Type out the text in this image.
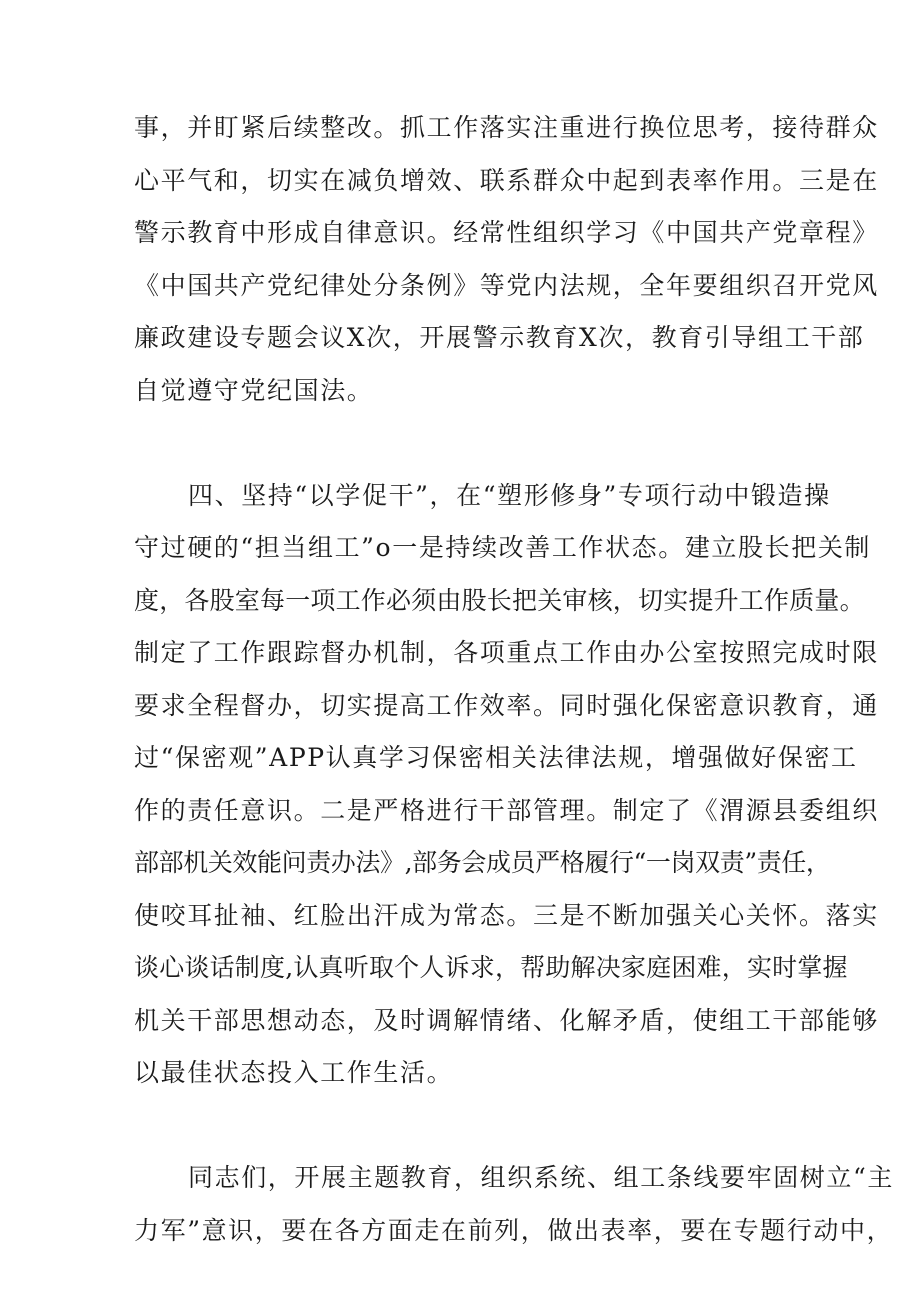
事，并盯紧后续整改。抓工作落实注重进行换位思考，接待群众
心平气和，切实在减负增效、联系群众中起到表率作用。三是在
警示教育中形成自律意识。经常性组织学习《中国共产党章程》
《中国共产党纪律处分条例》等党内法规，全年要组织召开党风
廉政建设专题会议X次，开展警示教育X次，教育引导组工干部
自觉遵守党纪国法。
四、坚持“以学促干”，在“塑形修身”专项行动中锻造操
守过硬的“担当组工”o一是持续改善工作状态。建立股长把关制
度，各股室每一项工作必须由股长把关审核，切实提升工作质量。
制定了工作跟踪督办机制，各项重点工作由办公室按照完成时限
要求全程督办，切实提高工作效率。同时强化保密意识教育，通
过“保密观”APP认真学习保密相关法律法规，增强做好保密工
作的责任意识。二是严格进行干部管理。制定了《渭源县委组织
部部机关效能问责办法》,部务会成员严格履行“一岗双责”责任，
使咬耳扯袖、红脸出汗成为常态。三是不断加强关心关怀。落实
谈心谈话制度,认真听取个人诉求，帮助解决家庭困难，实时掌握
机关干部思想动态，及时调解情绪、化解矛盾，使组工干部能够
以最佳状态投入工作生活。
同志们，开展主题教育，组织系统、组工条线要牢固树立“主
力军”意识，要在各方面走在前列，做出表率，要在专题行动中，
